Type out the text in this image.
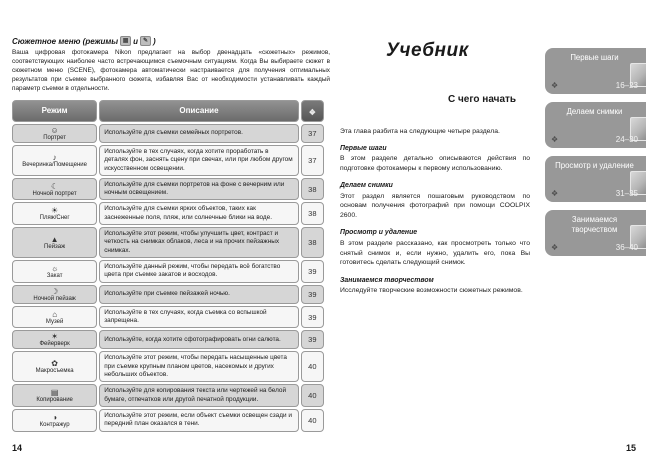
Сюжетное меню (режимы ▦ и ✎ )
Ваша цифровая фотокамера Nikon предлагает на выбор двенадцать «сюжетных» режимов, соответствующих наиболее часто встречающимся съемочным ситуациям. Когда Вы выбираете сюжет в сюжетном меню (SCENE), фотокамера автоматически настраивается для получения оптимальных результатов при съемке выбранного сюжета, избавляя Вас от необходимости устанавливать каждый параметр съемки в отдельности.
Режим	Описание	❖

☺
Портрет	Используйте для съемки семейных портретов.	37

♪
Вечеринка/Помещение	Используйте в тех случаях, когда хотите проработать в деталях фон, заснять сцену при свечах, или при любом другом искусственном освещении.	37

☾
Ночной портрет	Используйте для съемки портретов на фоне с вечерним или ночным освещением.	38

☀
Пляж/Снег	Используйте для съемки ярких объектов, таких как заснеженные поля, пляж, или солнечные блики на воде.	38

▲
Пейзаж	Используйте этот режим, чтобы улучшить цвет, контраст и четкость на снимках облаков, леса и на прочих пейзажных снимках.	38

☼
Закат	Используйте данный режим, чтобы передать всё богатство цвета при съемке закатов и восходов.	39

☽
Ночной пейзаж	Используйте при съемке пейзажей ночью.	39

⌂
Музей	Используйте в тех случаях, когда съемка со вспышкой запрещена.	39

✶
Фейерверк	Используйте, когда хотите сфотографировать огни салюта.	39

✿
Макросъемка	Используйте этот режим, чтобы передать насыщенные цвета при съемке крупным планом цветов, насекомых и других небольших объектов.	40

▤
Копирование	Используйте для копирования текста или чертежей на белой бумаге, отпечатков или другой печатной продукции.	40

◑
Контражур	Используйте этот режим, если объект съемки освещен сзади и передний план оказался в тени.	40
14
Учебник
С чего начать
Эта глава разбита на следующие четыре раздела.
Первые шаги

В этом разделе детально описываются действия по подготовке фотокамеры к первому использованию.

Делаем снимки

Этот раздел является пошаговым руководством по основам получения фотографий при помощи COOLPIX 2600.

Просмотр и удаление

В этом разделе рассказано, как просмотреть только что снятый снимок и, если нужно, удалить его, пока Вы готовитесь сделать следующий снимок.

Занимаемся творчеством

Исследуйте творческие возможности сюжетных режимов.

15
Первые шаги
❖	16–23
Делаем снимки
❖	24–30
Просмотр и удаление
❖	31–35
Занимаемся творчеством
❖	36–40
